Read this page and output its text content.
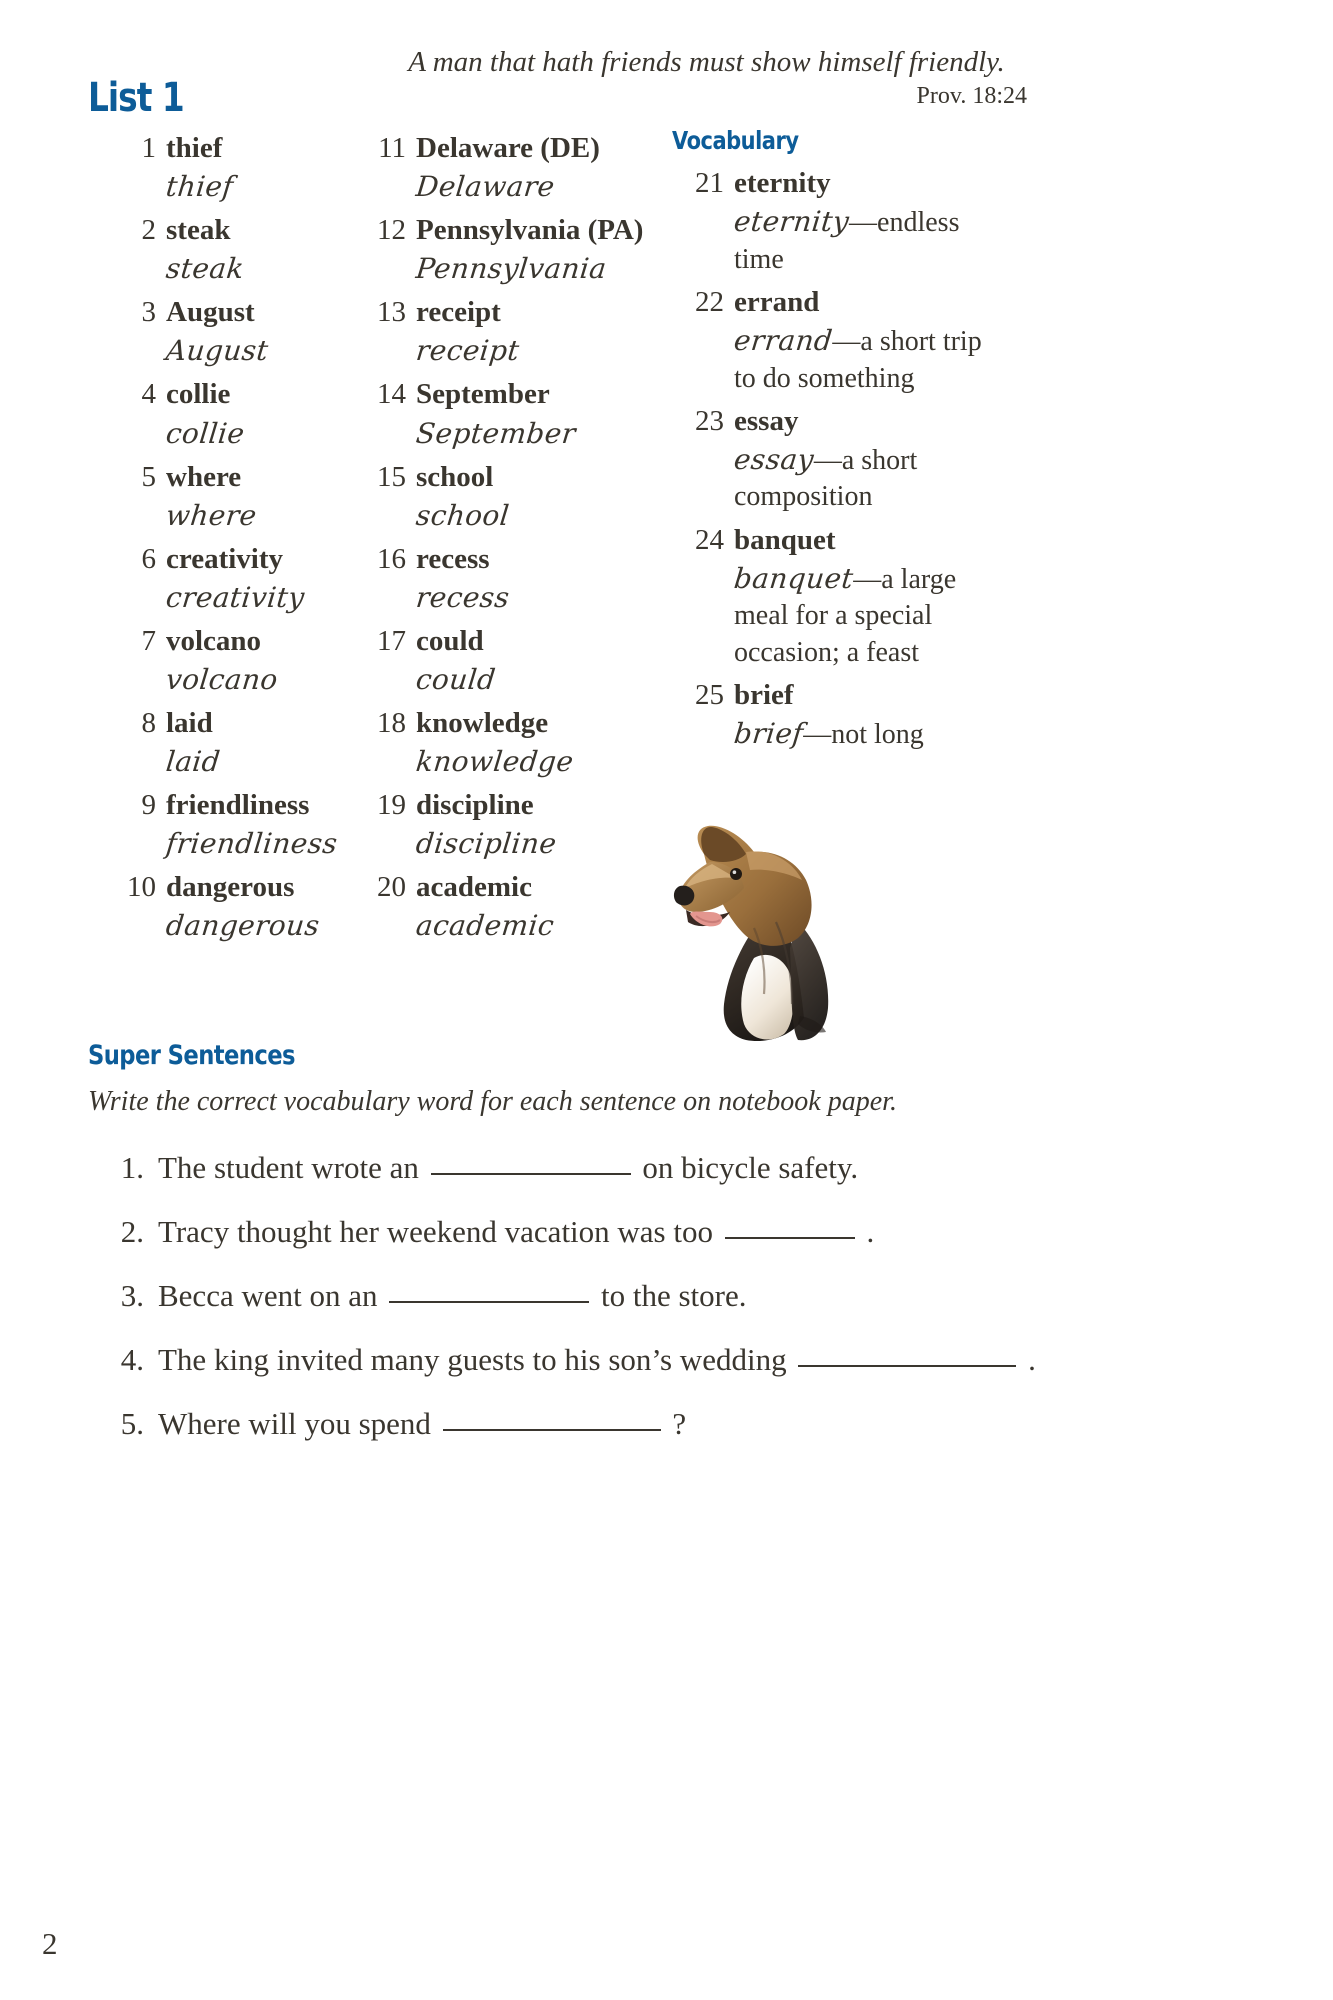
List 1
A man that hath friends must show himself friendly.
Prov. 18:24
1 thief
thief
2 steak
steak
3 August
August
4 collie
collie
5 where
where
6 creativity
creativity
7 volcano
volcano
8 laid
laid
9 friendliness
friendliness
10 dangerous
dangerous
11 Delaware (DE)
Delaware
12 Pennsylvania (PA)
Pennsylvania
13 receipt
receipt
14 September
September
15 school
school
16 recess
recess
17 could
could
18 knowledge
knowledge
19 discipline
discipline
20 academic
academic
Vocabulary
21 eternity
eternity—endless time
22 errand
errand—a short trip to do something
23 essay
essay—a short composition
24 banquet
banquet—a large meal for a special occasion; a feast
25 brief
brief—not long
Super Sentences
Write the correct vocabulary word for each sentence on notebook paper.
1. The student wrote an	on bicycle safety.
2. Tracy thought her weekend vacation was too	.
3. Becca went on an	to the store.
4. The king invited many guests to his son’s wedding	.
5. Where will you spend	?
2
